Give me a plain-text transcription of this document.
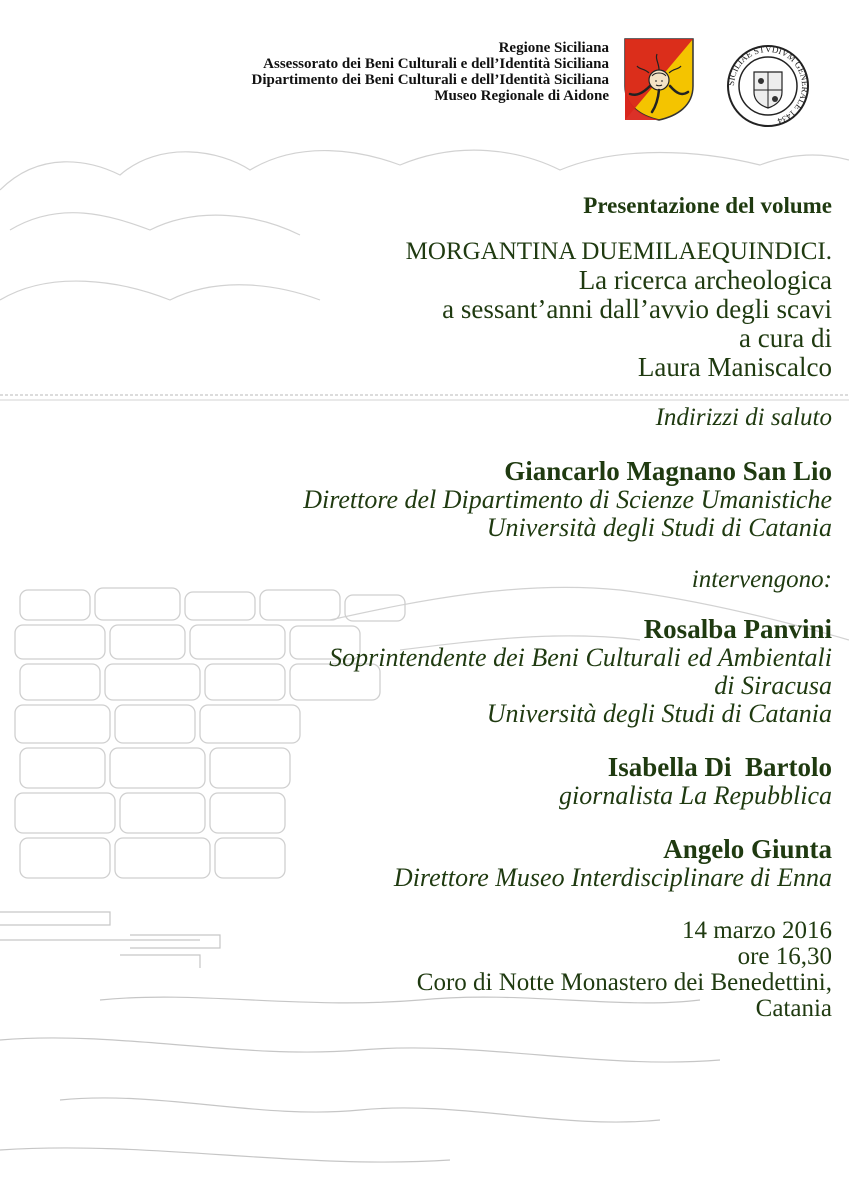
Regione Siciliana
Assessorato dei Beni Culturali e dell’Identità Siciliana
Dipartimento dei Beni Culturali e dell’Identità Siciliana
Museo Regionale di Aidone
SICILIAE STVDIVM GENERALE 1434
Presentazione del volume
MORGANTINA DUEMILAEQUINDICI.
La ricerca archeologica
a sessant’anni dall’avvio degli scavi
a cura di
Laura Maniscalco
Indirizzi di saluto
Giancarlo Magnano San Lio
Direttore del Dipartimento di Scienze Umanistiche
Università degli Studi di Catania
intervengono:
Rosalba Panvini
Soprintendente dei Beni Culturali ed Ambientali
di Siracusa
Università degli Studi di Catania
Isabella Di  Bartolo
giornalista La Repubblica
Angelo Giunta
Direttore Museo Interdisciplinare di Enna
14 marzo 2016
ore 16,30
Coro di Notte Monastero dei Benedettini,
Catania
